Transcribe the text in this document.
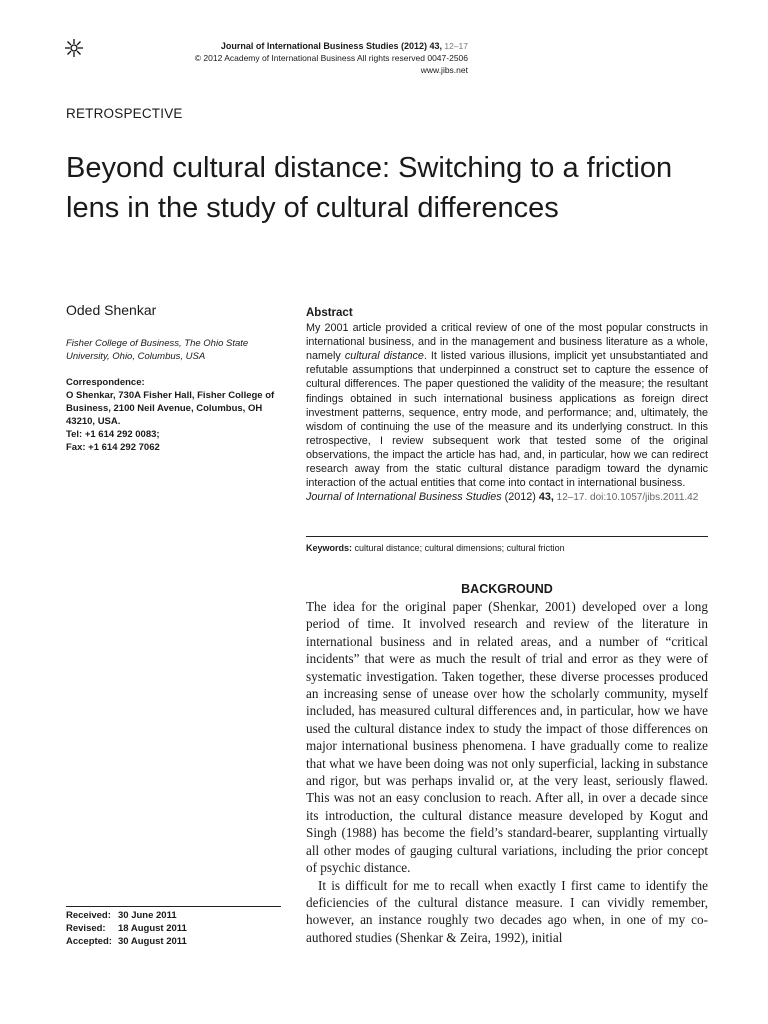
Journal of International Business Studies (2012) 43, 12–17
© 2012 Academy of International Business All rights reserved 0047-2506
www.jibs.net
RETROSPECTIVE
Beyond cultural distance: Switching to a friction lens in the study of cultural differences
Oded Shenkar
Fisher College of Business, The Ohio State University, Ohio, Columbus, USA
Correspondence:
O Shenkar, 730A Fisher Hall, Fisher College of Business, 2100 Neil Avenue, Columbus, OH 43210, USA.
Tel: +1 614 292 0083;
Fax: +1 614 292 7062
Received: 30 June 2011
Revised:	18 August 2011
Accepted: 30 August 2011
Abstract

My 2001 article provided a critical review of one of the most popular constructs in international business, and in the management and business literature as a whole, namely cultural distance. It listed various illusions, implicit yet unsubstantiated and refutable assumptions that underpinned a construct set to capture the essence of cultural differences. The paper questioned the validity of the measure; the resultant findings obtained in such international business applications as foreign direct investment patterns, sequence, entry mode, and performance; and, ultimately, the wisdom of continuing the use of the measure and its underlying construct. In this retrospective, I review subsequent work that tested some of the original observations, the impact the article has had, and, in particular, how we can redirect research away from the static cultural distance paradigm toward the dynamic interaction of the actual entities that come into contact in international business.

Journal of International Business Studies (2012) 43, 12–17. doi:10.1057/jibs.2011.42
Keywords: cultural distance; cultural dimensions; cultural friction
BACKGROUND

The idea for the original paper (Shenkar, 2001) developed over a long period of time. It involved research and review of the literature in international business and in related areas, and a number of “critical incidents” that were as much the result of trial and error as they were of systematic investigation. Taken together, these diverse processes produced an increasing sense of unease over how the scholarly community, myself included, has measured cultural differences and, in particular, how we have used the cultural distance index to study the impact of those differences on major international business phenomena. I have gradually come to realize that what we have been doing was not only superficial, lacking in substance and rigor, but was perhaps invalid or, at the very least, seriously flawed. This was not an easy conclusion to reach. After all, in over a decade since its introduction, the cultural distance measure developed by Kogut and Singh (1988) has become the field’s standard-bearer, supplanting virtually all other modes of gauging cultural variations, including the prior concept of psychic distance.

It is difficult for me to recall when exactly I first came to identify the deficiencies of the cultural distance measure. I can vividly remember, however, an instance roughly two decades ago when, in one of my co-authored studies (Shenkar & Zeira, 1992), initial
